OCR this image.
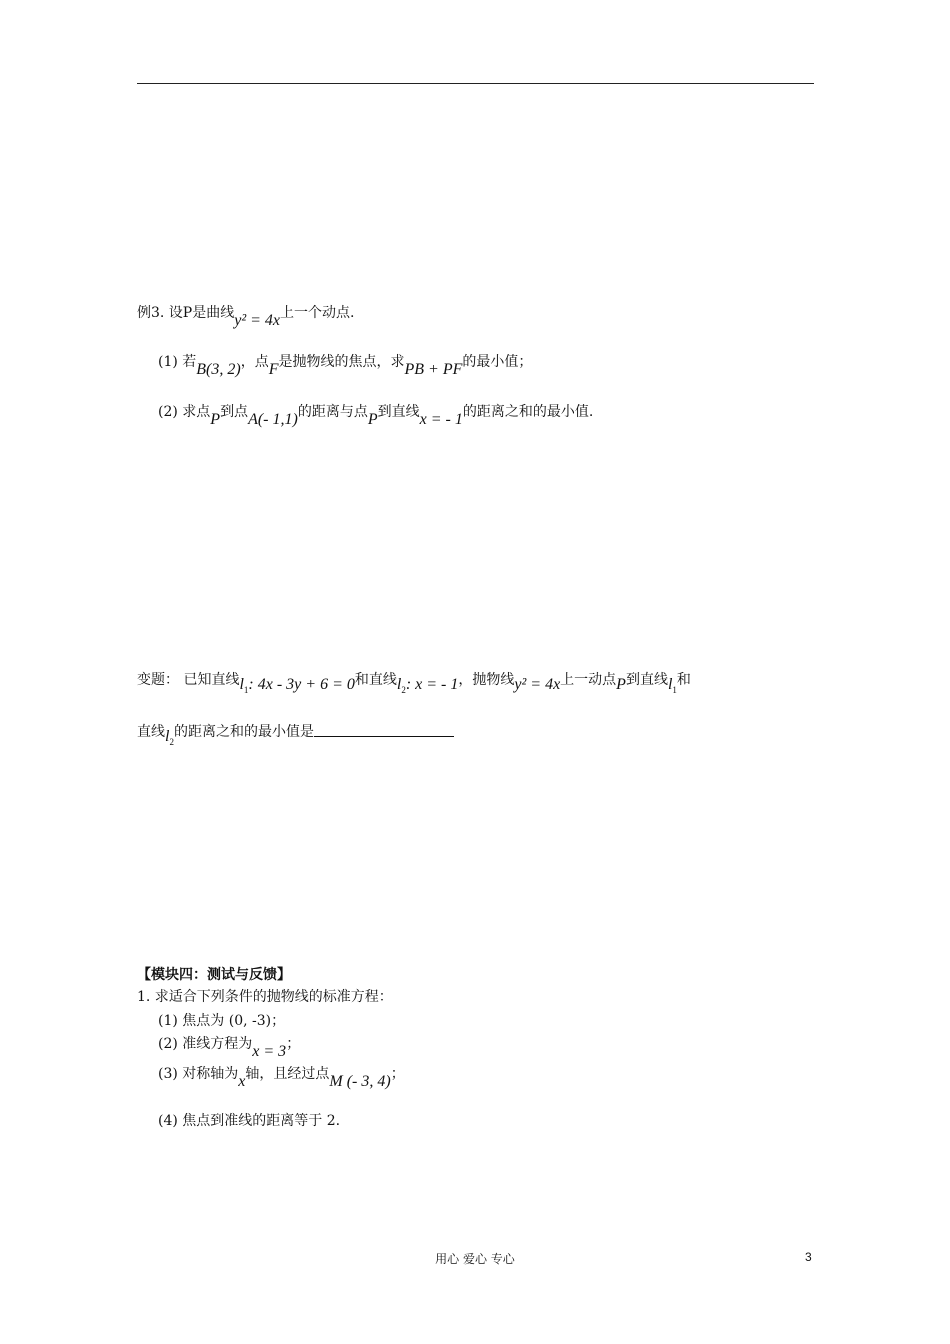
例3. 设P是曲线y² = 4x上一个动点.
(1) 若B(3, 2)，点F是抛物线的焦点，求PB + PF的最小值；
(2) 求点P到点A(- 1,1)的距离与点P到直线x = - 1的距离之和的最小值.
变题： 已知直线$l_1$: 4x - 3y + 6 = 0和直线$l_2$: x = - 1，抛物线y² = 4x上一动点P到直线$l_1$和
直线$l_2$的距离之和的最小值是
【模块四：测试与反馈】
1. 求适合下列条件的抛物线的标准方程：
(1) 焦点为 (0, -3)；
(2) 准线方程为x = 3；
(3) 对称轴为x轴，且经过点M (- 3, 4)；
(4) 焦点到准线的距离等于 2.
用心 爱心 专心	3
